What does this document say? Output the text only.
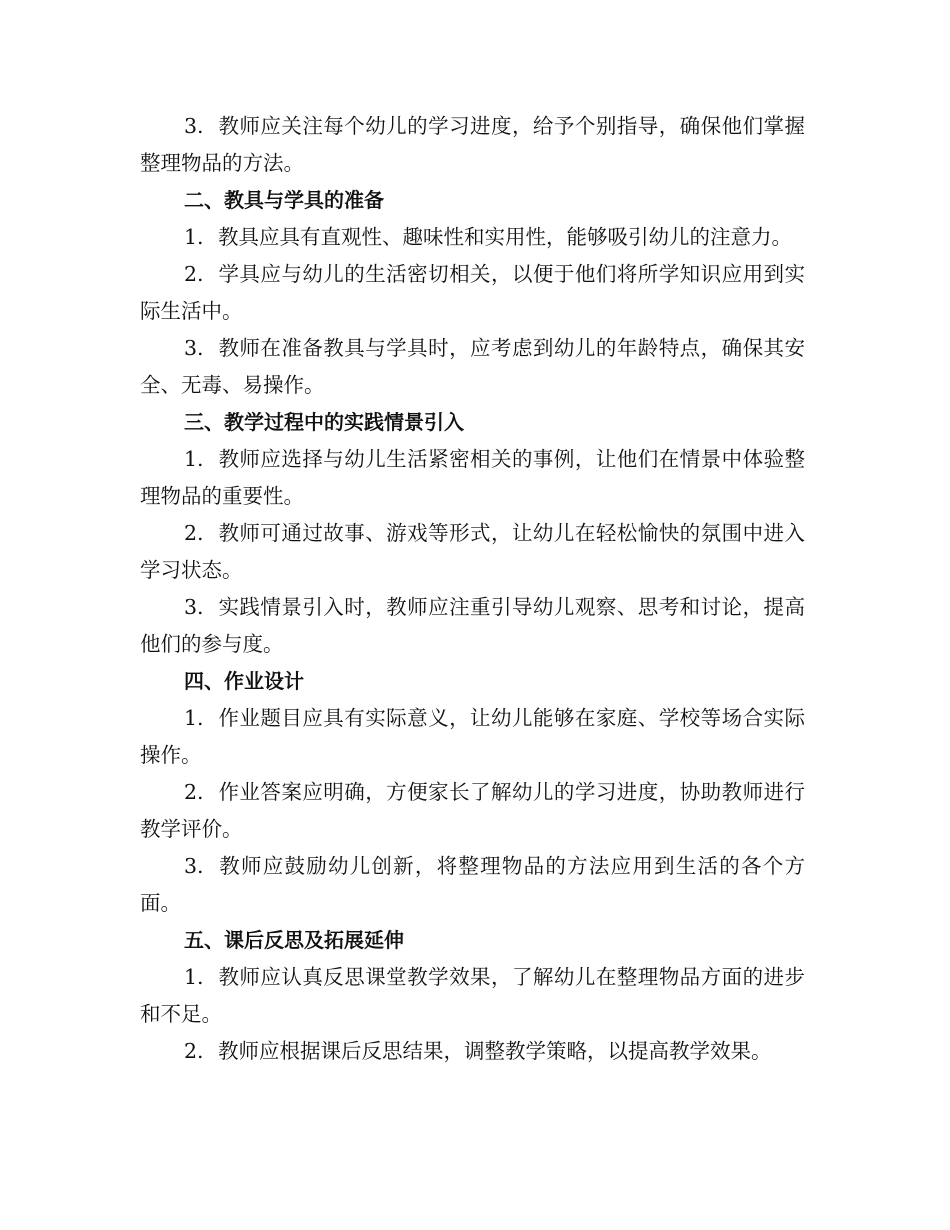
3. 教师应关注每个幼儿的学习进度，给予个别指导，确保他们掌握整理物品的方法。

二、教具与学具的准备

1. 教具应具有直观性、趣味性和实用性，能够吸引幼儿的注意力。

2. 学具应与幼儿的生活密切相关，以便于他们将所学知识应用到实际生活中。

3. 教师在准备教具与学具时，应考虑到幼儿的年龄特点，确保其安全、无毒、易操作。

三、教学过程中的实践情景引入

1. 教师应选择与幼儿生活紧密相关的事例，让他们在情景中体验整理物品的重要性。

2. 教师可通过故事、游戏等形式，让幼儿在轻松愉快的氛围中进入学习状态。

3. 实践情景引入时，教师应注重引导幼儿观察、思考和讨论，提高他们的参与度。

四、作业设计

1. 作业题目应具有实际意义，让幼儿能够在家庭、学校等场合实际操作。

2. 作业答案应明确，方便家长了解幼儿的学习进度，协助教师进行教学评价。

3. 教师应鼓励幼儿创新，将整理物品的方法应用到生活的各个方面。

五、课后反思及拓展延伸

1. 教师应认真反思课堂教学效果，了解幼儿在整理物品方面的进步和不足。

2. 教师应根据课后反思结果，调整教学策略，以提高教学效果。
